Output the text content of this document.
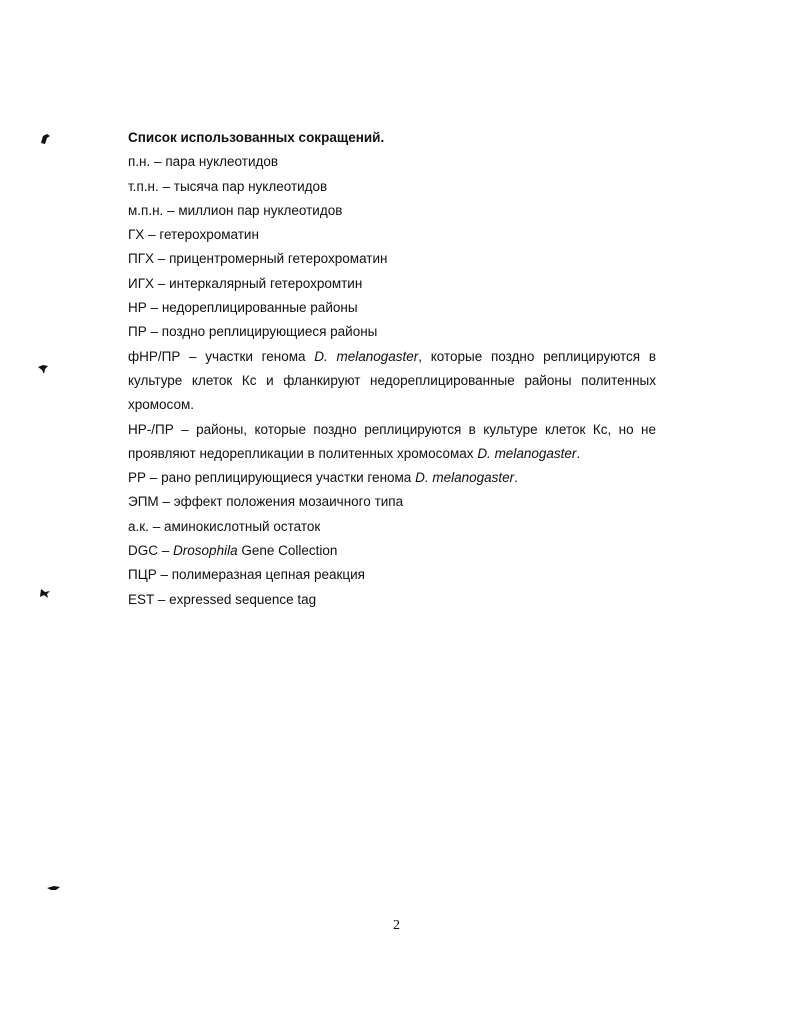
Список использованных сокращений.

п.н. – пара нуклеотидов

т.п.н. – тысяча пар нуклеотидов

м.п.н. – миллион пар нуклеотидов

ГХ – гетерохроматин

ПГХ – прицентромерный гетерохроматин

ИГХ – интеркалярный гетерохромтин

НР – недореплицированные районы

ПР – поздно реплицирующиеся районы

фНР/ПР – участки генома D. melanogaster, которые поздно реплицируются в культуре клеток Кс и фланкируют недореплицированные районы политенных хромосом.

НР-/ПР – районы, которые поздно реплицируются в культуре клеток Кс, но не проявляют недорепликации в политенных хромосомах D. melanogaster.

РР – рано реплицирующиеся участки генома D. melanogaster.

ЭПМ – эффект положения мозаичного типа

а.к. – аминокислотный остаток

DGC – Drosophila Gene Collection

ПЦР – полимеразная цепная реакция

EST – expressed sequence tag

2
